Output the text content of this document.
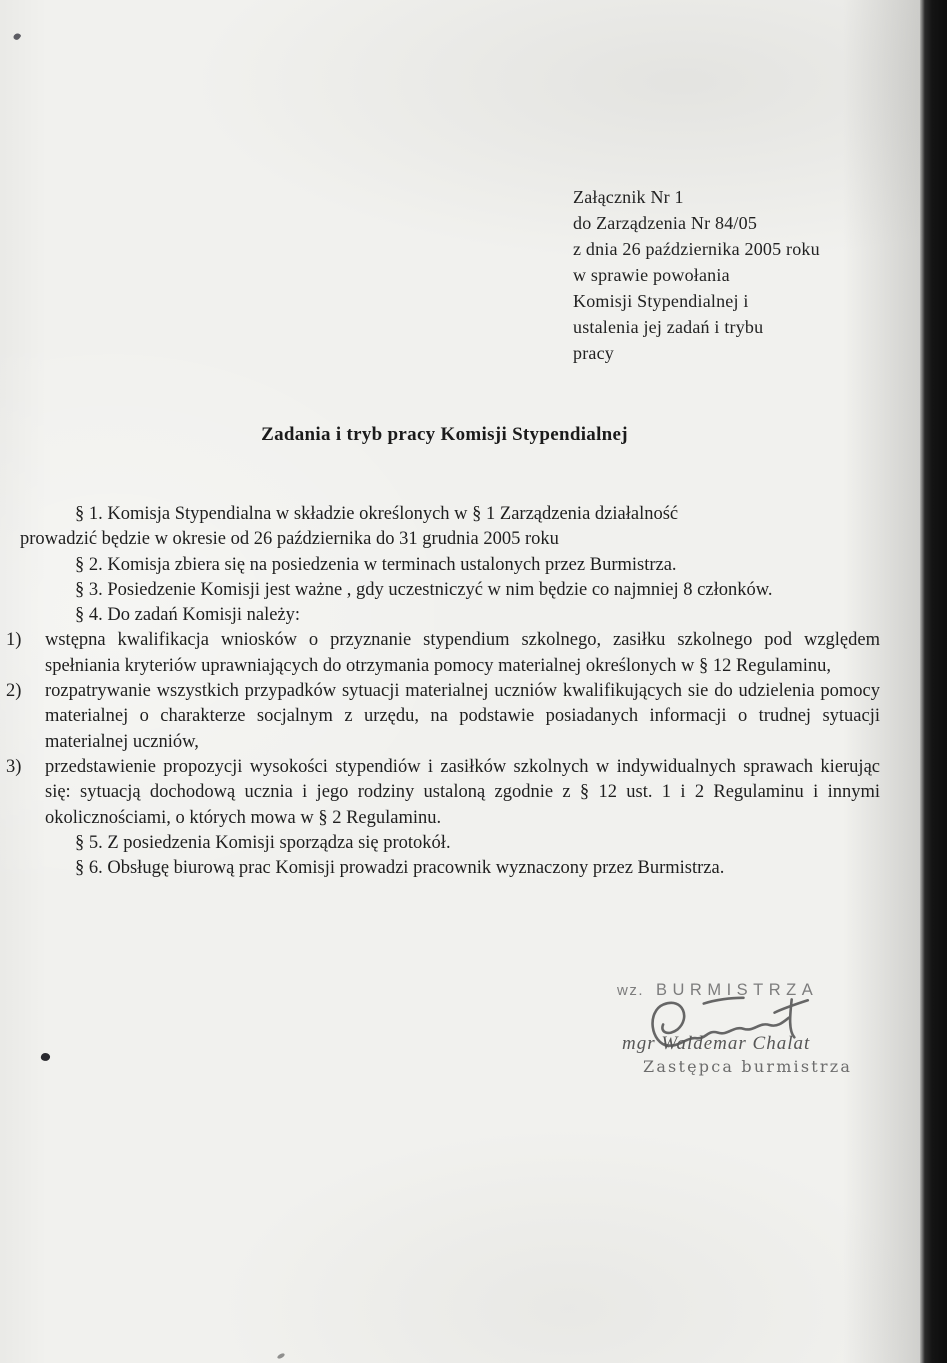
Załącznik Nr 1
do Zarządzenia Nr 84/05
z dnia 26 października 2005 roku
w sprawie powołania
Komisji Stypendialnej i
ustalenia jej zadań i trybu
pracy
Zadania i tryb pracy Komisji Stypendialnej
§ 1. Komisja Stypendialna w składzie określonych w § 1 Zarządzenia działalność
prowadzić będzie w okresie od 26 października do 31 grudnia 2005 roku
§ 2. Komisja zbiera się na posiedzenia w terminach ustalonych przez Burmistrza.
§ 3. Posiedzenie Komisji jest ważne , gdy uczestniczyć w nim będzie co najmniej 8 członków.
§ 4. Do zadań Komisji należy:
1) wstępna kwalifikacja wniosków o przyznanie stypendium szkolnego, zasiłku szkolnego pod względem spełniania kryteriów uprawniających do otrzymania pomocy materialnej określonych w § 12 Regulaminu,
2) rozpatrywanie wszystkich przypadków sytuacji materialnej uczniów kwalifikujących sie do udzielenia pomocy materialnej o charakterze socjalnym z urzędu, na podstawie posiadanych informacji o trudnej sytuacji materialnej uczniów,
3) przedstawienie propozycji wysokości stypendiów i zasiłków szkolnych w indywidualnych sprawach kierując się: sytuacją dochodową ucznia i jego rodziny ustaloną zgodnie z § 12 ust. 1 i 2 Regulaminu i innymi okolicznościami, o których mowa w § 2 Regulaminu.
§ 5. Z posiedzenia Komisji sporządza się protokół.
§ 6. Obsługę biurową prac Komisji prowadzi pracownik wyznaczony przez Burmistrza.
wz. BURMISTRZA
mgr Waldemar Chalat
Zastępca burmistrza
